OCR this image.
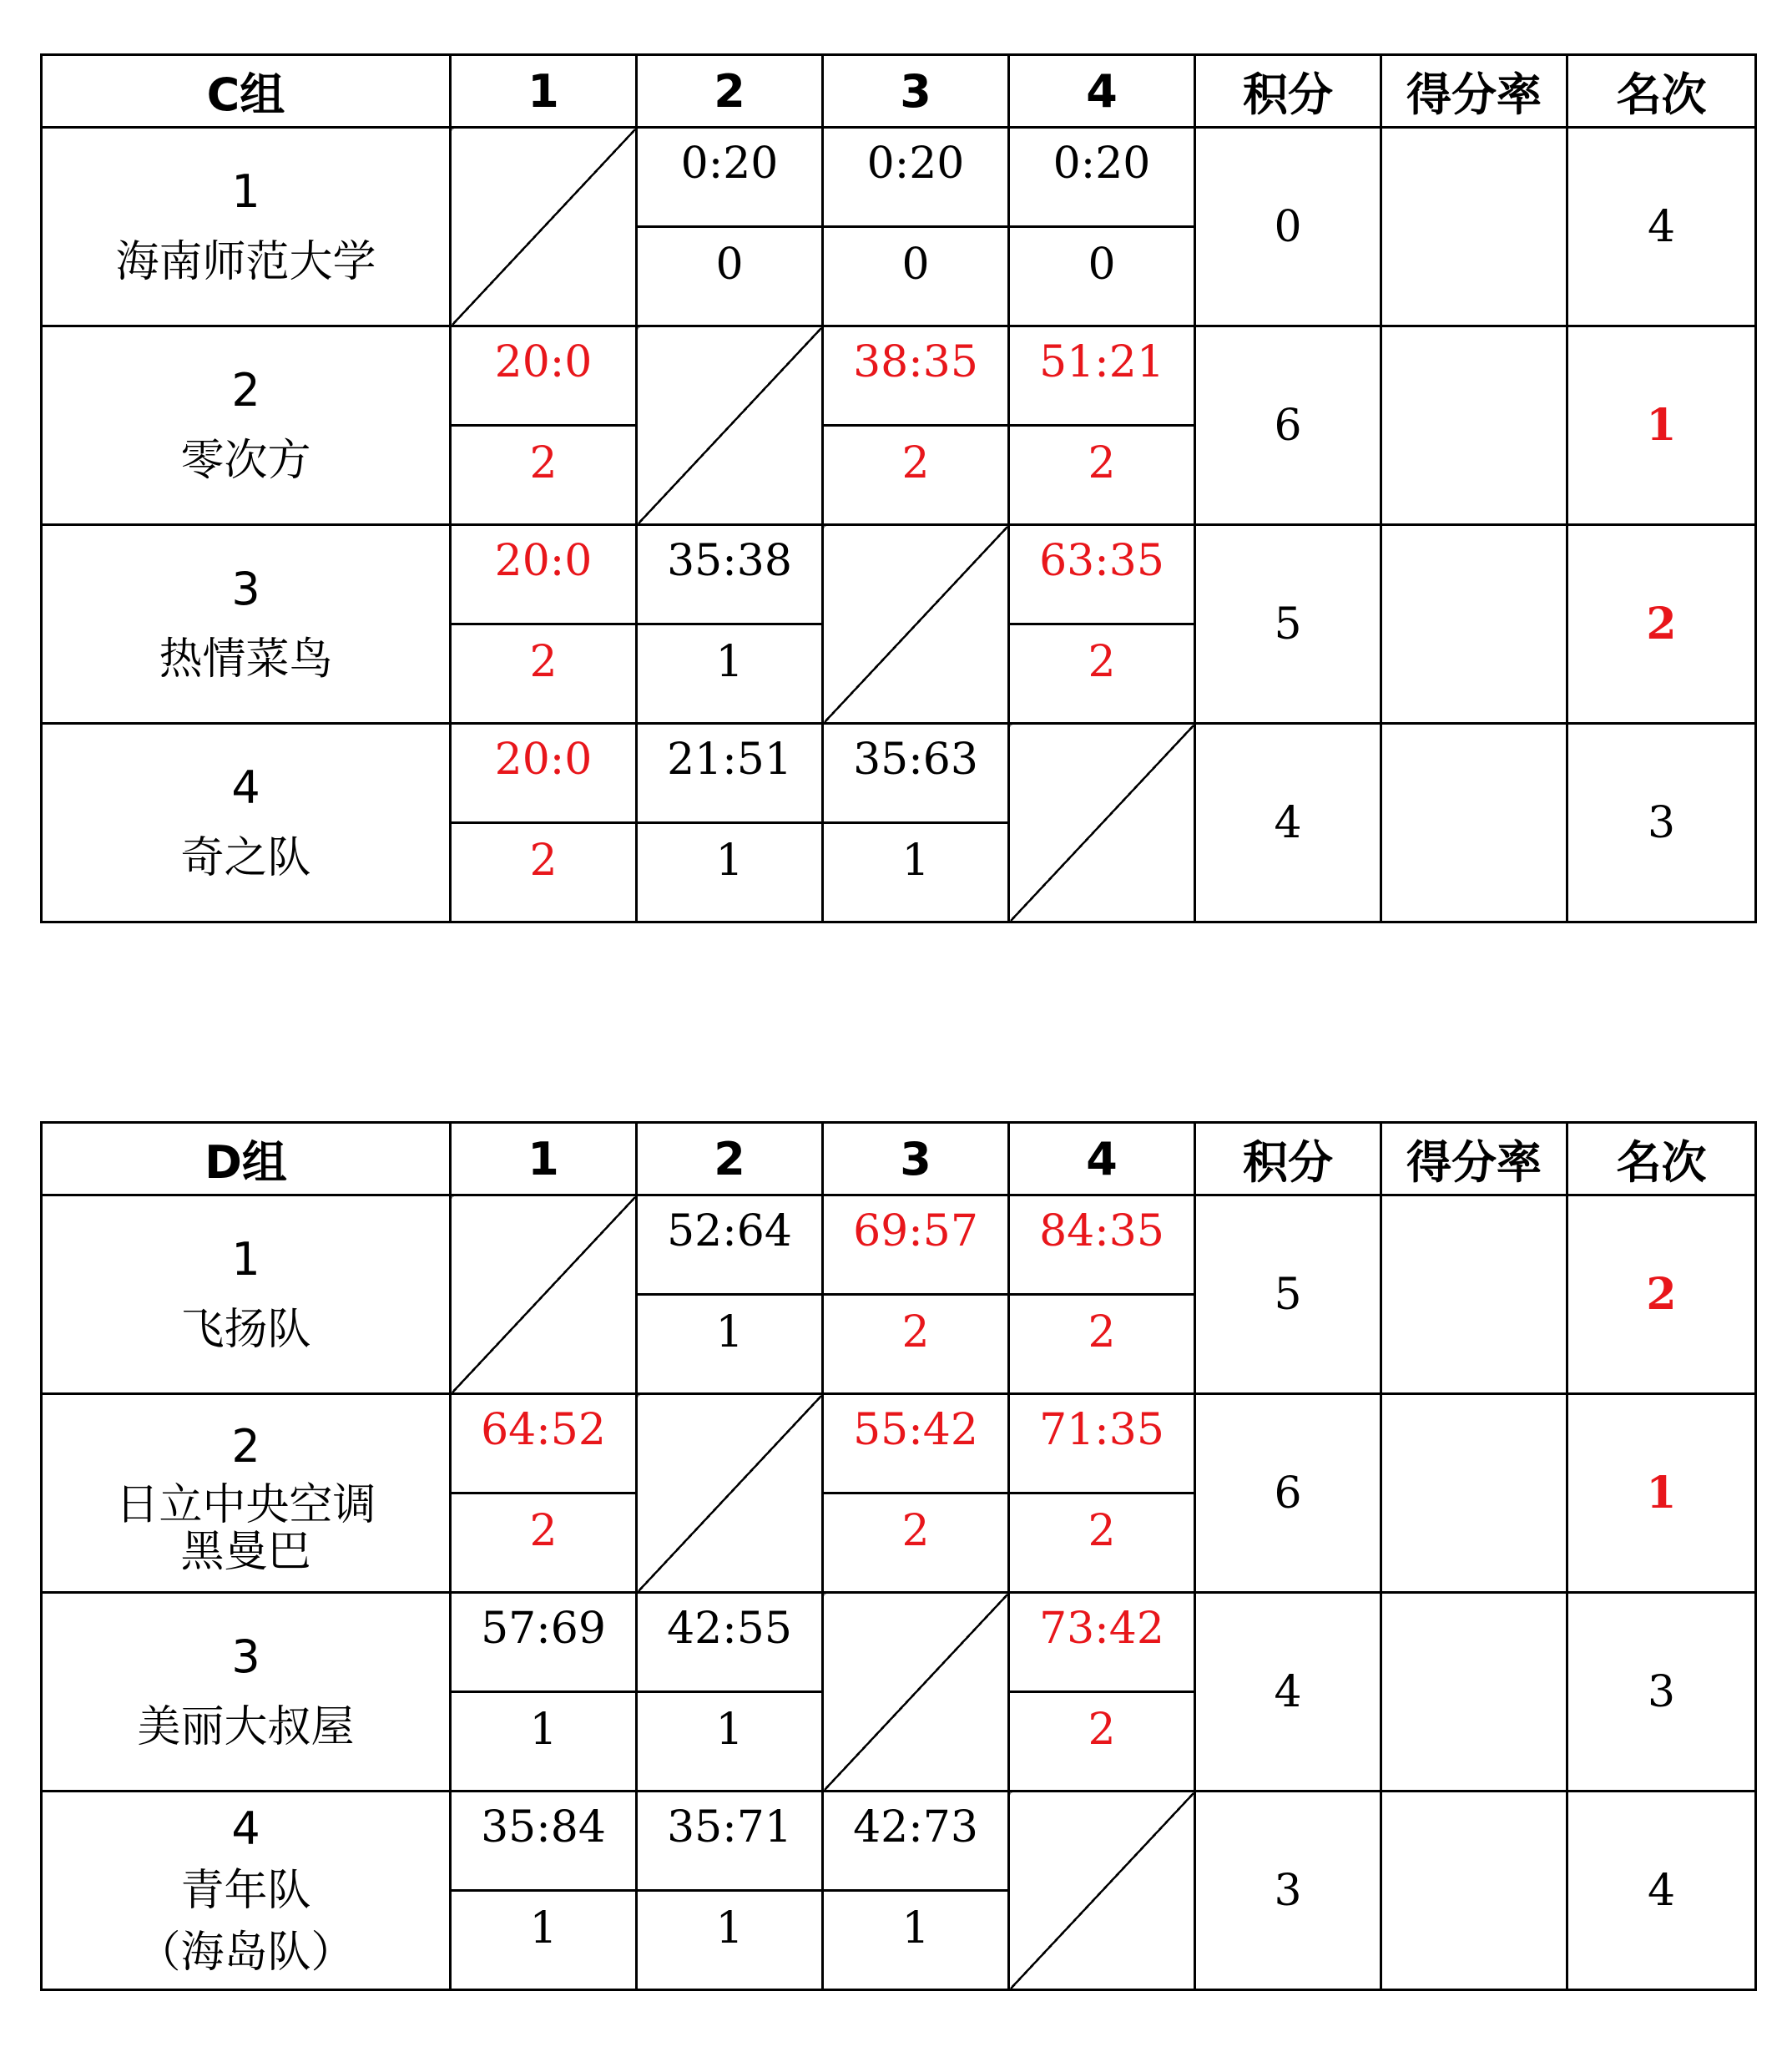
C组	1	2	3	4	积分	得分率	名次

1
海南师范大学		0:20	0:20	0:20	0		4
		0	0	0			

2
零次方	20:0		38:35	51:21	6		1
	2		2	2			

3
热情菜鸟	20:0	35:38		63:35	5		2
	2	1		2			

4
奇之队	20:0	21:51	35:63		4		3
	2	1	1				
D组	1	2	3	4	积分	得分率	名次

1
飞扬队		52:64	69:57	84:35	5		2
		1	2	2			

2
日立中央空调
黑曼巴	64:52		55:42	71:35	6		1
	2		2	2			

3
美丽大叔屋	57:69	42:55		73:42	4		3
	1	1		2			

4
青年队
（海岛队）	35:84	35:71	42:73		3		4
	1	1	1				
